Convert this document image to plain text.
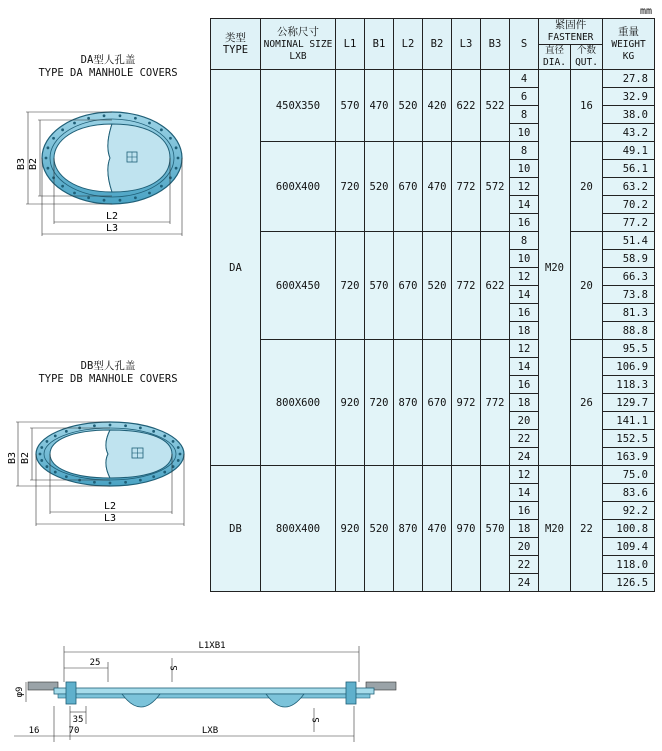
mm
DA型人孔盖
TYPE DA MANHOLE COVERS
B3 B2
L2
L3
DB型人孔盖
TYPE DB MANHOLE COVERS
B3 B2
L2
L3
类型
TYPE	公称尺寸
NOMINAL SIZE
LXB	L1	B1	L2	B2	L3	B3	S	紧固件
FASTENER		重量
WEIGHT
KG
									直径
DIA.	个数
QUT.	
DA	450X350	570	470	520	420	622	522	4	M20	16	27.8
								6			32.9
								8			38.0
								10			43.2
	600X400	720	520	670	470	772	572	8		20	49.1
								10			56.1
								12			63.2
								14			70.2
								16			77.2
	600X450	720	570	670	520	772	622	8		20	51.4
								10			58.9
								12			66.3
								14			73.8
								16			81.3
								18			88.8
	800X600	920	720	870	670	972	772	12		26	95.5
								14			106.9
								16			118.3
								18			129.7
								20			141.1
								22			152.5
								24			163.9
DB	800X400	920	520	870	470	970	570	12	M20	22	75.0
								14			83.6
								16			92.2
								18			100.8
								20			109.4
								22			118.0
								24			126.5
L1XB1
25	S
φ9
35
16	70	LXB
S
